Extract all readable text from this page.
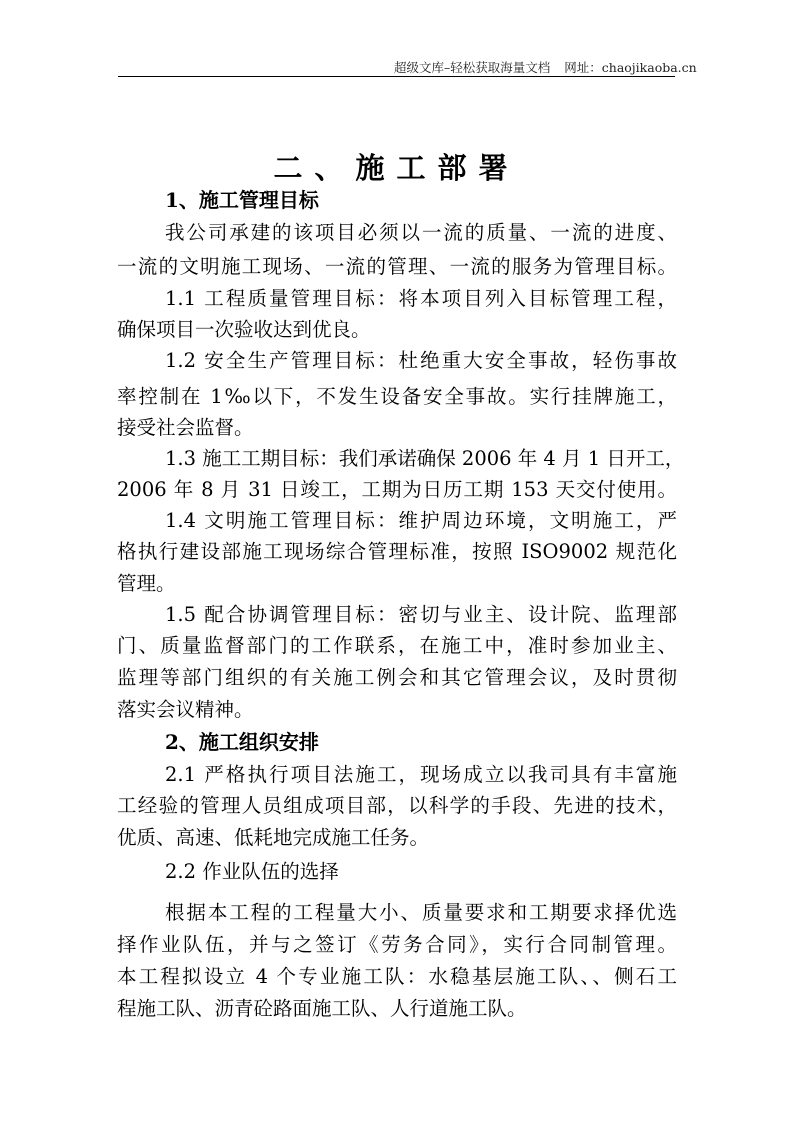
超级文库–轻松获取海量文档 网址：chaojikaoba.cn
二、施工部署
1、施工管理目标
我公司承建的该项目必须以一流的质量、一流的进度、
一流的文明施工现场、一流的管理、一流的服务为管理目标。
1.1 工程质量管理目标：将本项目列入目标管理工程，
确保项目一次验收达到优良。
1.2 安全生产管理目标：杜绝重大安全事故，轻伤事故
率控制在 1‰以下，不发生设备安全事故。实行挂牌施工，
接受社会监督。
1.3 施工工期目标：我们承诺确保 2006 年 4 月 1 日开工，
2006 年 8 月 31 日竣工，工期为日历工期 153 天交付使用。
1.4 文明施工管理目标：维护周边环境，文明施工，严
格执行建设部施工现场综合管理标准，按照 ISO9002 规范化
管理。
1.5 配合协调管理目标：密切与业主、设计院、监理部
门、质量监督部门的工作联系，在施工中，准时参加业主、
监理等部门组织的有关施工例会和其它管理会议，及时贯彻
落实会议精神。
2、施工组织安排
2.1 严格执行项目法施工，现场成立以我司具有丰富施
工经验的管理人员组成项目部，以科学的手段、先进的技术，
优质、高速、低耗地完成施工任务。
2.2 作业队伍的选择
根据本工程的工程量大小、质量要求和工期要求择优选
择作业队伍，并与之签订《劳务合同》，实行合同制管理。
本工程拟设立 4 个专业施工队：水稳基层施工队、、侧石工
程施工队、沥青砼路面施工队、人行道施工队。
